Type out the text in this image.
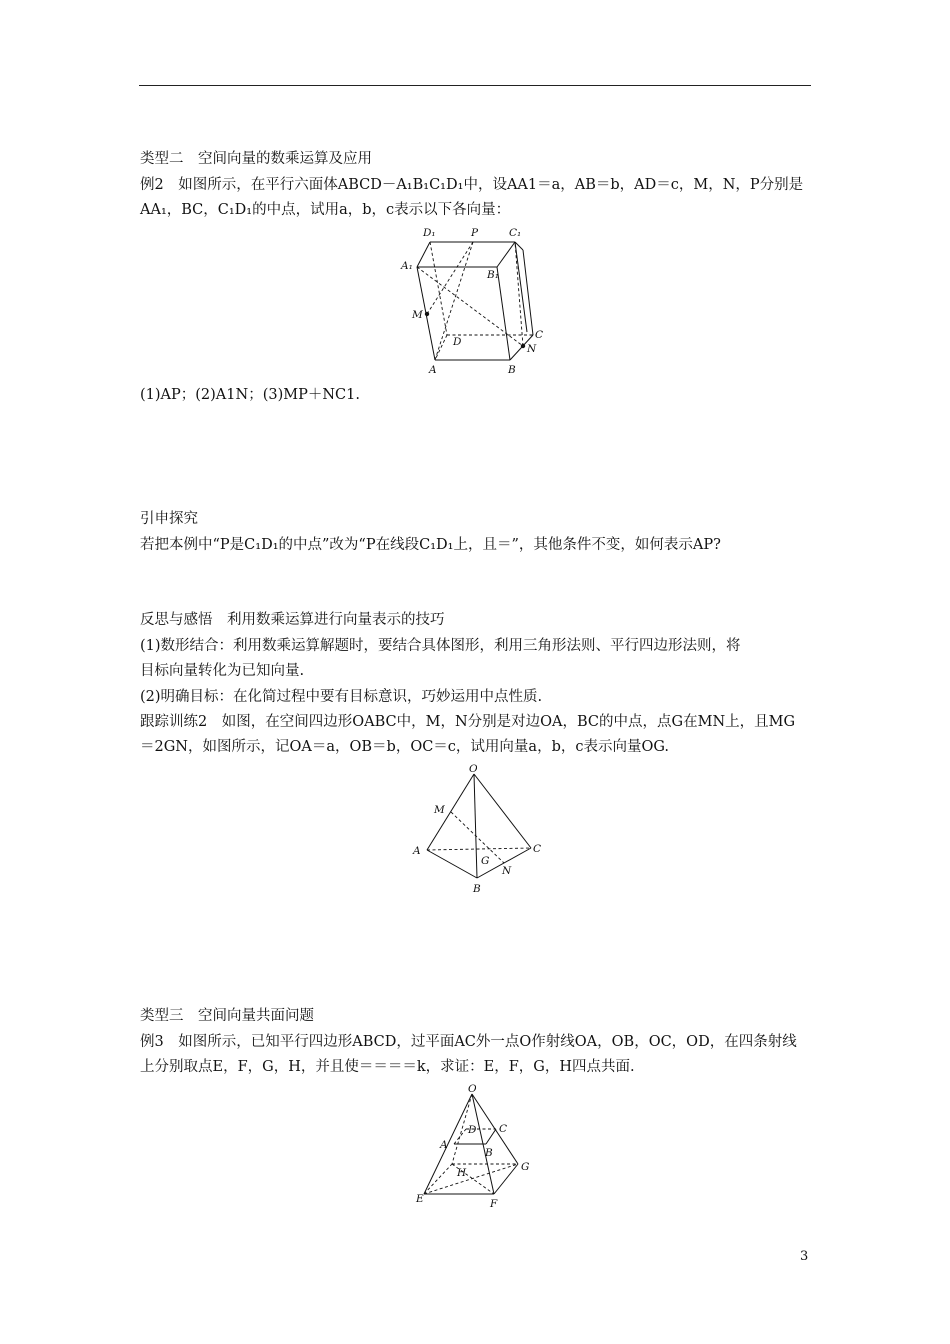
类型二　空间向量的数乘运算及应用
例2　如图所示，在平行六面体ABCD－A₁B₁C₁D₁中，设AA1＝a，AB＝b，AD＝c，M，N，P分别是
AA₁，BC，C₁D₁的中点，试用a，b，c表示以下各向量：
D₁	P	C₁
A₁
B₁
M
D
C
N
A	B
(1)AP；(2)A1N；(3)MP＋NC1.
引申探究
若把本例中“P是C₁D₁的中点”改为“P在线段C₁D₁上，且＝”，其他条件不变，如何表示AP?
反思与感悟　利用数乘运算进行向量表示的技巧
(1)数形结合：利用数乘运算解题时，要结合具体图形，利用三角形法则、平行四边形法则，将
目标向量转化为已知向量.
(2)明确目标：在化简过程中要有目标意识，巧妙运用中点性质.
跟踪训练2　如图，在空间四边形OABC中，M，N分别是对边OA，BC的中点，点G在MN上，且MG
＝2GN，如图所示，记OA＝a，OB＝b，OC＝c，试用向量a，b，c表示向量OG.
O
M
A
G
C
N
B
类型三　空间向量共面问题
例3　如图所示，已知平行四边形ABCD，过平面AC外一点O作射线OA，OB，OC，OD，在四条射线
上分别取点E，F，G，H，并且使＝＝＝＝k，求证：E，F，G，H四点共面.
O
D C
A
B
H	G
E	F
3
